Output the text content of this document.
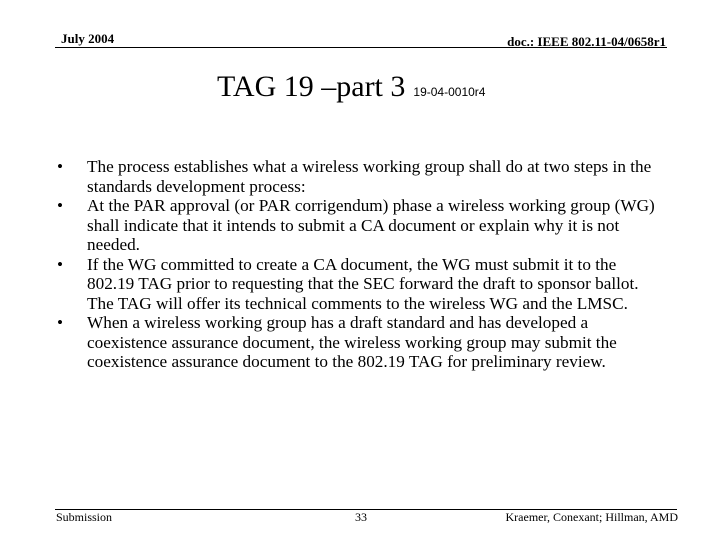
July 2004	doc.: IEEE 802.11-04/0658r1
TAG 19 –part 3 19-04-0010r4
• The process establishes what a wireless working group shall do at two steps in the standards development process:
• At the PAR approval (or PAR corrigendum) phase a wireless working group (WG) shall indicate that it intends to submit a CA document or explain why it is not needed.
• If the WG committed to create a CA document, the WG must submit it to the 802.19 TAG prior to requesting that the SEC forward the draft to sponsor ballot. The TAG will offer its technical comments to the wireless WG and the LMSC.
• When a wireless working group has a draft standard and has developed a coexistence assurance document, the wireless working group may submit the coexistence assurance document to the 802.19 TAG for preliminary review.
Submission	33	Kraemer, Conexant; Hillman, AMD
